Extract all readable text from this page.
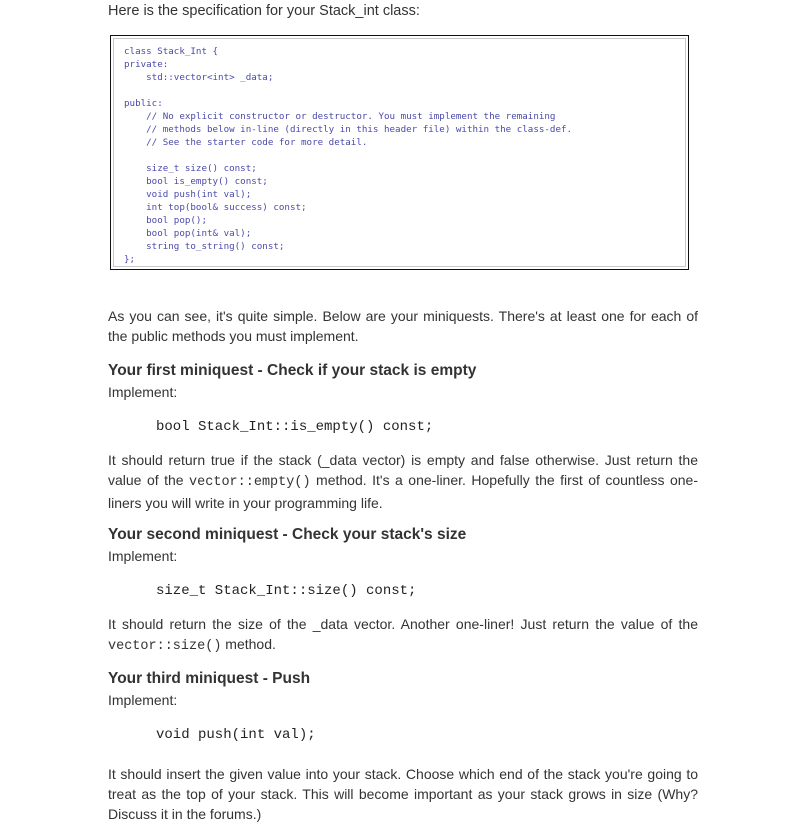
Here is the specification for your Stack_int class:

class Stack_Int {
private:
std::vector<int> _data;
public:
// No explicit constructor or destructor. You must implement the remaining
// methods below in-line (directly in this header file) within the class-def.
// See the starter code for more detail.
size_t size() const;
bool is_empty() const;
void push(int val);
int top(bool& success) const;
bool pop();
bool pop(int& val);
string to_string() const;
};

As you can see, it's quite simple. Below are your miniquests. There's at least one for each of the public methods you must implement.

Your first miniquest - Check if your stack is empty

Implement:

bool Stack_Int::is_empty() const;

It should return true if the stack (_data vector) is empty and false otherwise. Just return the value of the vector::empty() method. It's a one-liner. Hopefully the first of countless one-liners you will write in your programming life.

Your second miniquest - Check your stack's size

Implement:

size_t Stack_Int::size() const;

It should return the size of the _data vector. Another one-liner! Just return the value of the vector::size() method.

Your third miniquest - Push

Implement:

void push(int val);

It should insert the given value into your stack. Choose which end of the stack you're going to treat as the top of your stack. This will become important as your stack grows in size (Why? Discuss it in the forums.)
